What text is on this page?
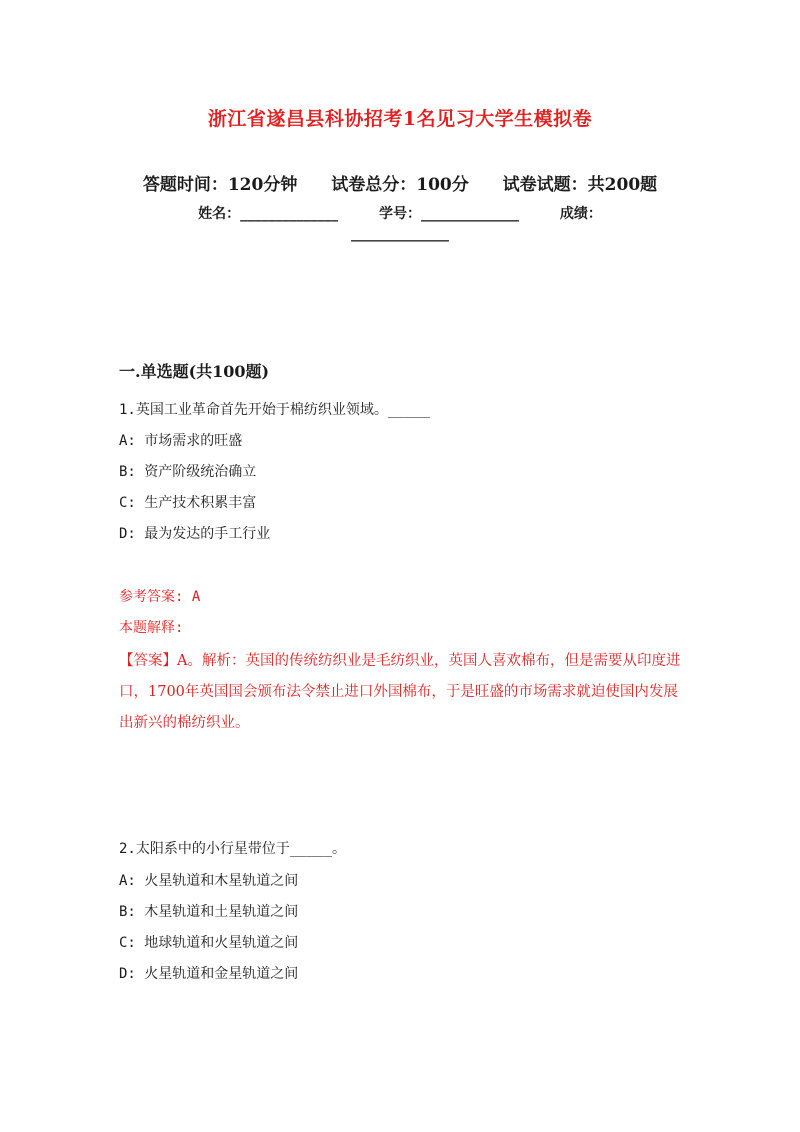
浙江省遂昌县科协招考1名见习大学生模拟卷
答题时间：120分钟 试卷总分：100分 试卷试题：共200题
姓名：______________	学号：______________	成绩：
______________
一.单选题(共100题)
1.英国工业革命首先开始于棉纺织业领域。_____
A: 市场需求的旺盛
B: 资产阶级统治确立
C: 生产技术积累丰富
D: 最为发达的手工行业
参考答案: A
本题解释:
【答案】A。解析：英国的传统纺织业是毛纺织业，英国人喜欢棉布，但是需要从印度进口，1700年英国国会颁布法令禁止进口外国棉布，于是旺盛的市场需求就迫使国内发展出新兴的棉纺织业。
2.太阳系中的小行星带位于_____。
A: 火星轨道和木星轨道之间
B: 木星轨道和土星轨道之间
C: 地球轨道和火星轨道之间
D: 火星轨道和金星轨道之间
